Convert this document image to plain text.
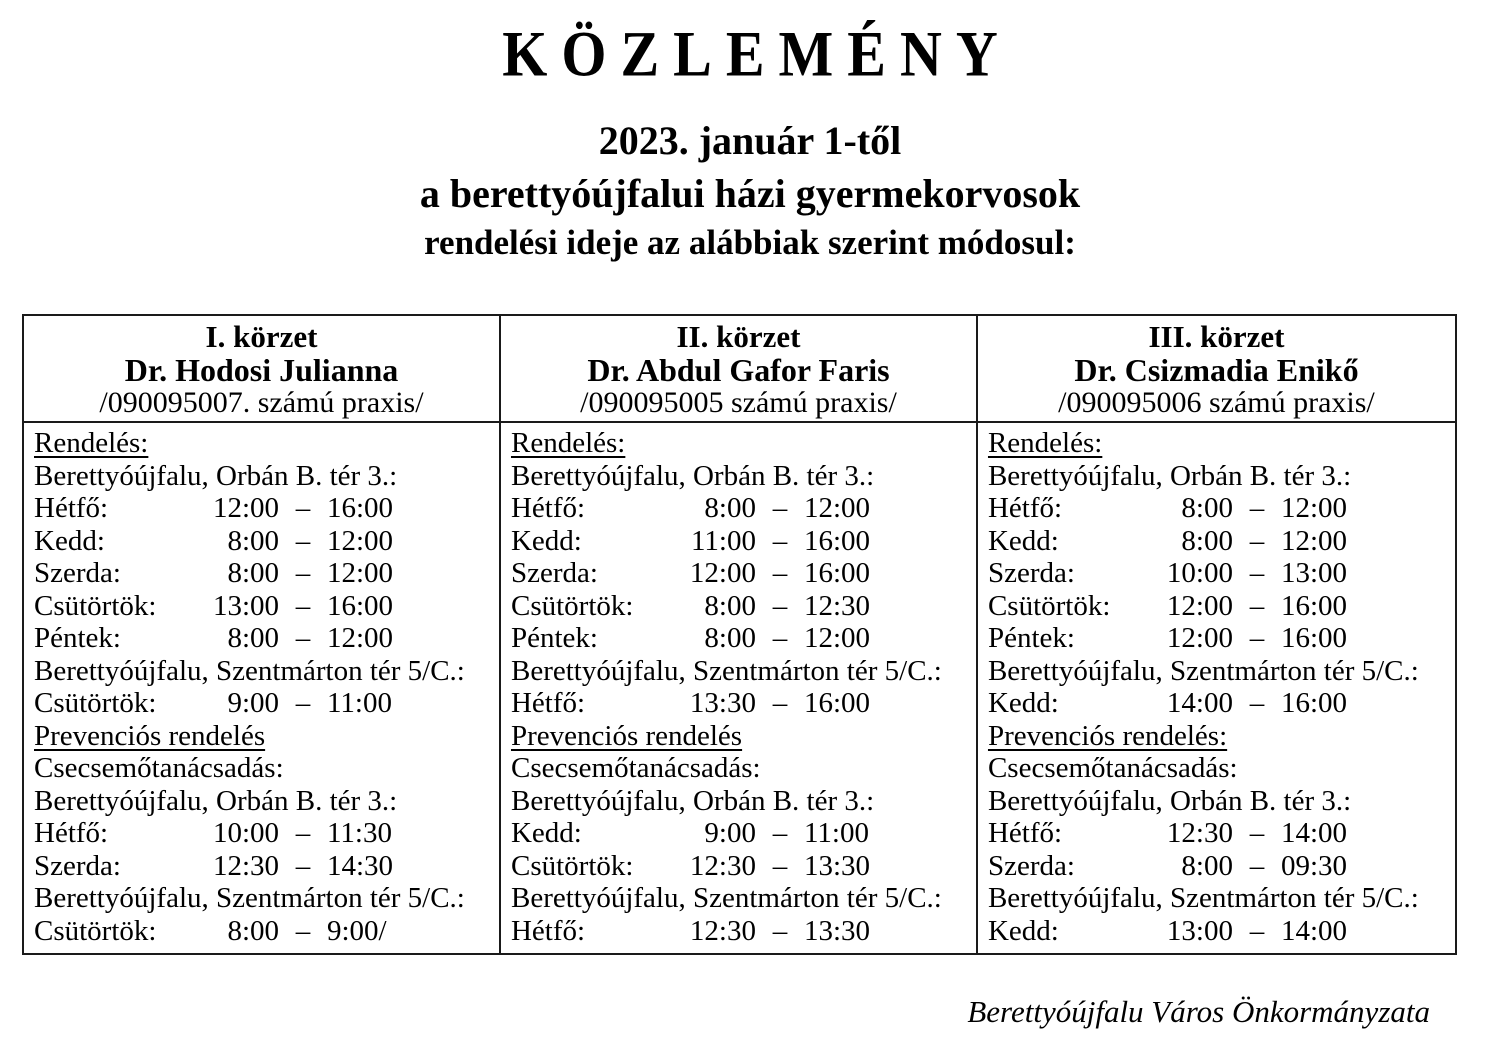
KÖZLEMÉNY
2023. január 1-től
a berettyóújfalui házi gyermekorvosok
rendelési ideje az alábbiak szerint módosul:
I. körzet
Dr. Hodosi Julianna
/090095007. számú praxis/
II. körzet
Dr. Abdul Gafor Faris
/090095005 számú praxis/
III. körzet
Dr. Csizmadia Enikő
/090095006 számú praxis/
Rendelés:
Berettyóújfalu, Orbán B. tér 3.:
Hétfő:	12:00 – 16:00
Kedd:	8:00 – 12:00
Szerda:	8:00 – 12:00
Csütörtök:	13:00 – 16:00
Péntek:	8:00 – 12:00
Berettyóújfalu, Szentmárton tér 5/C.:
Csütörtök:	9:00 – 11:00
Prevenciós rendelés
Csecsemőtanácsadás:
Berettyóújfalu, Orbán B. tér 3.:
Hétfő:	10:00 – 11:30
Szerda:	12:30 – 14:30
Berettyóújfalu, Szentmárton tér 5/C.:
Csütörtök:	8:00 – 9:00/
Rendelés:
Berettyóújfalu, Orbán B. tér 3.:
Hétfő:	8:00 – 12:00
Kedd:	11:00 – 16:00
Szerda:	12:00 – 16:00
Csütörtök:	8:00 – 12:30
Péntek:	8:00 – 12:00
Berettyóújfalu, Szentmárton tér 5/C.:
Hétfő:	13:30 – 16:00
Prevenciós rendelés
Csecsemőtanácsadás:
Berettyóújfalu, Orbán B. tér 3.:
Kedd:	9:00 – 11:00
Csütörtök:	12:30 – 13:30
Berettyóújfalu, Szentmárton tér 5/C.:
Hétfő:	12:30 – 13:30
Rendelés:
Berettyóújfalu, Orbán B. tér 3.:
Hétfő:	8:00 – 12:00
Kedd:	8:00 – 12:00
Szerda:	10:00 – 13:00
Csütörtök:	12:00 – 16:00
Péntek:	12:00 – 16:00
Berettyóújfalu, Szentmárton tér 5/C.:
Kedd:	14:00 – 16:00
Prevenciós rendelés:
Csecsemőtanácsadás:
Berettyóújfalu, Orbán B. tér 3.:
Hétfő:	12:30 – 14:00
Szerda:	8:00 – 09:30
Berettyóújfalu, Szentmárton tér 5/C.:
Kedd:	13:00 – 14:00
Berettyóújfalu Város Önkormányzata
